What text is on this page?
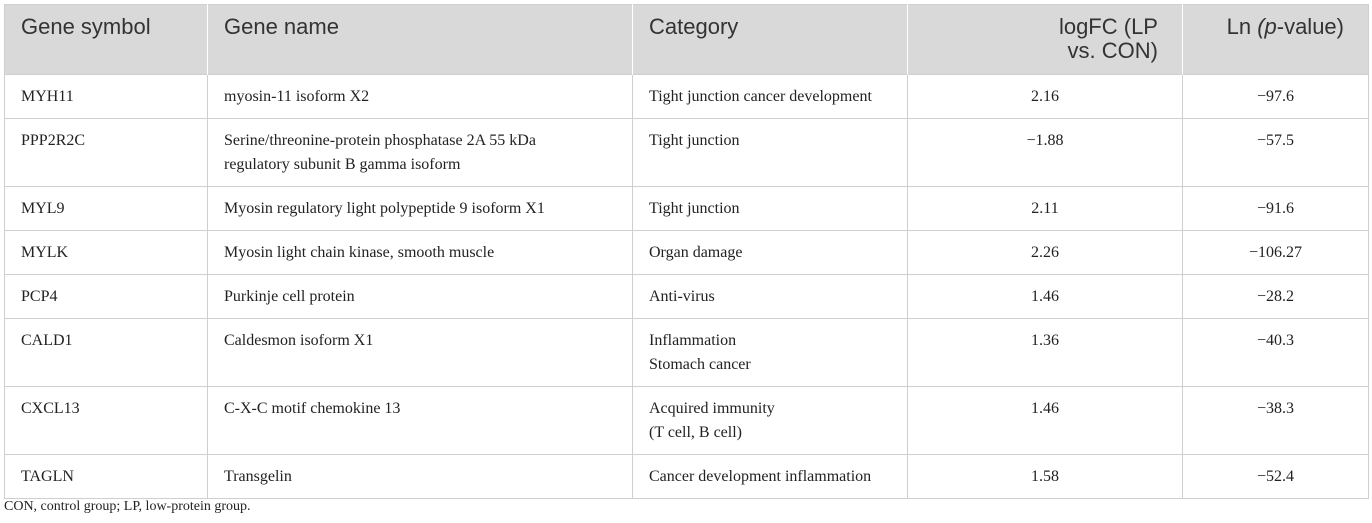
Gene symbol	Gene name	Category	logFC (LP
vs. CON)	Ln (p-value)
MYH11	myosin-11 isoform X2	Tight junction cancer development	2.16	−97.6
PPP2R2C	Serine/threonine-protein phosphatase 2A 55 kDa
regulatory subunit B gamma isoform	Tight junction	−1.88	−57.5
MYL9	Myosin regulatory light polypeptide 9 isoform X1	Tight junction	2.11	−91.6
MYLK	Myosin light chain kinase, smooth muscle	Organ damage	2.26	−106.27
PCP4	Purkinje cell protein	Anti-virus	1.46	−28.2
CALD1	Caldesmon isoform X1	Inflammation
Stomach cancer	1.36	−40.3
CXCL13	C-X-C motif chemokine 13	Acquired immunity
(T cell, B cell)	1.46	−38.3
TAGLN	Transgelin	Cancer development inflammation	1.58	−52.4
CON, control group; LP, low-protein group.
